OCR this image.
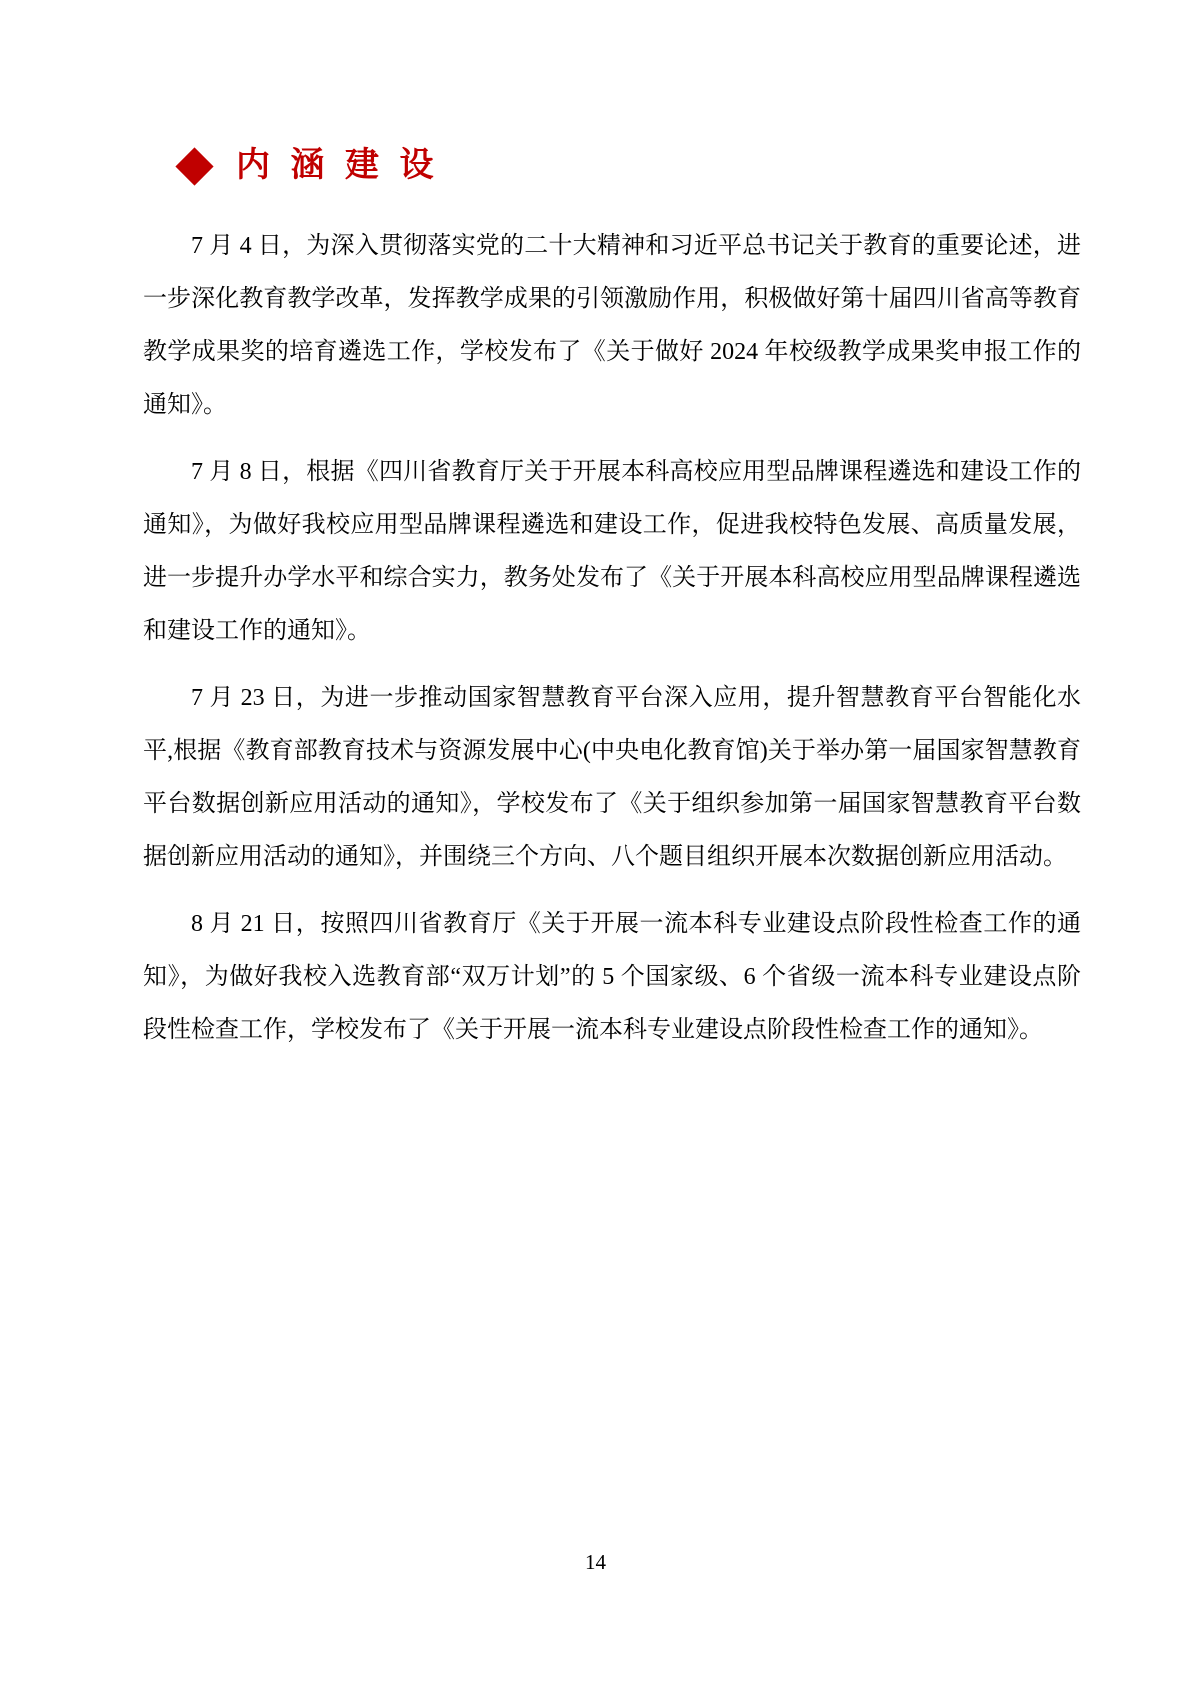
内 涵 建 设

7 月 4 日，为深入贯彻落实党的二十大精神和习近平总书记关于教育的重要论述，进一步深化教育教学改革，发挥教学成果的引领激励作用，积极做好第十届四川省高等教育教学成果奖的培育遴选工作，学校发布了《关于做好 2024 年校级教学成果奖申报工作的通知》。

7 月 8 日，根据《四川省教育厅关于开展本科高校应用型品牌课程遴选和建设工作的通知》，为做好我校应用型品牌课程遴选和建设工作，促进我校特色发展、高质量发展，进一步提升办学水平和综合实力，教务处发布了《关于开展本科高校应用型品牌课程遴选和建设工作的通知》。

7 月 23 日，为进一步推动国家智慧教育平台深入应用，提升智慧教育平台智能化水平,根据《教育部教育技术与资源发展中心(中央电化教育馆)关于举办第一届国家智慧教育平台数据创新应用活动的通知》，学校发布了《关于组织参加第一届国家智慧教育平台数据创新应用活动的通知》，并围绕三个方向、八个题目组织开展本次数据创新应用活动。

8 月 21 日，按照四川省教育厅《关于开展一流本科专业建设点阶段性检查工作的通知》，为做好我校入选教育部“双万计划”的 5 个国家级、6 个省级一流本科专业建设点阶段性检查工作，学校发布了《关于开展一流本科专业建设点阶段性检查工作的通知》。

14
